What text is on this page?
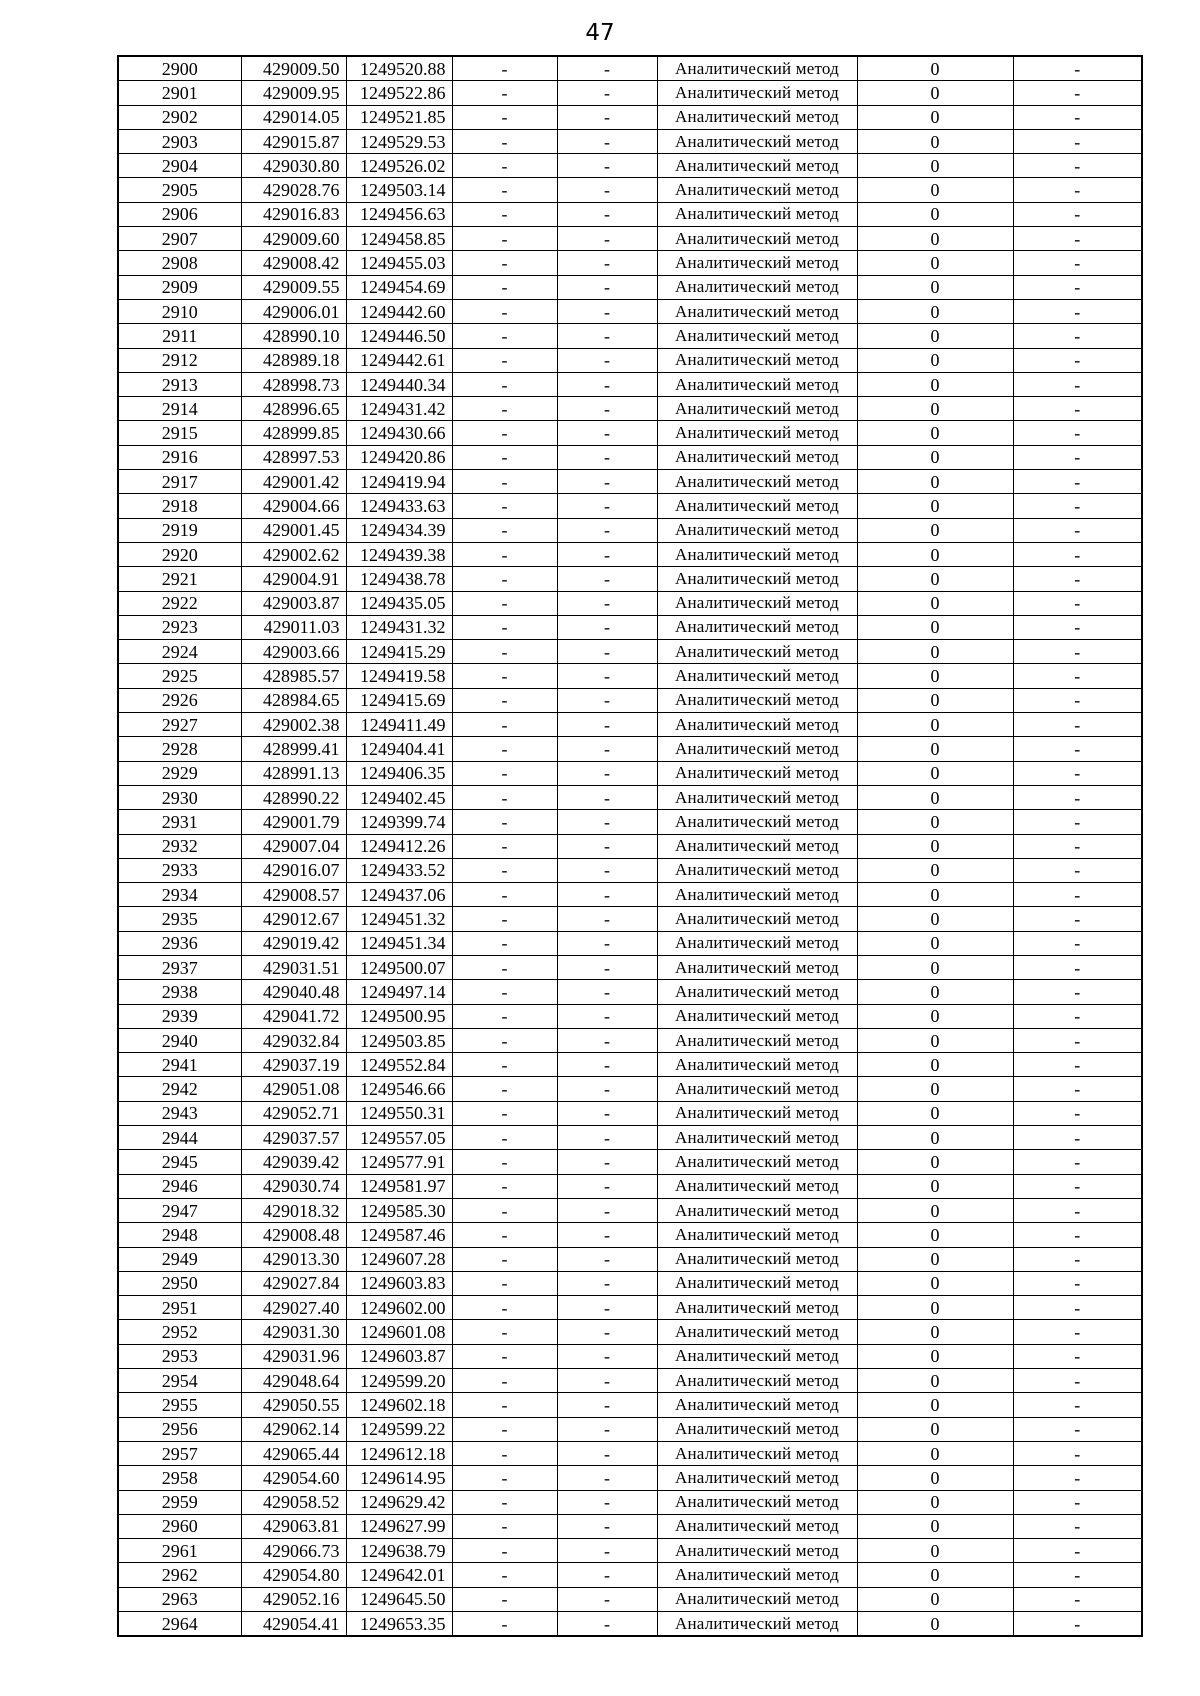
47
2900	429009.50	1249520.88	-	-	Аналитический метод	0	-
2901	429009.95	1249522.86	-	-	Аналитический метод	0	-
2902	429014.05	1249521.85	-	-	Аналитический метод	0	-
2903	429015.87	1249529.53	-	-	Аналитический метод	0	-
2904	429030.80	1249526.02	-	-	Аналитический метод	0	-
2905	429028.76	1249503.14	-	-	Аналитический метод	0	-
2906	429016.83	1249456.63	-	-	Аналитический метод	0	-
2907	429009.60	1249458.85	-	-	Аналитический метод	0	-
2908	429008.42	1249455.03	-	-	Аналитический метод	0	-
2909	429009.55	1249454.69	-	-	Аналитический метод	0	-
2910	429006.01	1249442.60	-	-	Аналитический метод	0	-
2911	428990.10	1249446.50	-	-	Аналитический метод	0	-
2912	428989.18	1249442.61	-	-	Аналитический метод	0	-
2913	428998.73	1249440.34	-	-	Аналитический метод	0	-
2914	428996.65	1249431.42	-	-	Аналитический метод	0	-
2915	428999.85	1249430.66	-	-	Аналитический метод	0	-
2916	428997.53	1249420.86	-	-	Аналитический метод	0	-
2917	429001.42	1249419.94	-	-	Аналитический метод	0	-
2918	429004.66	1249433.63	-	-	Аналитический метод	0	-
2919	429001.45	1249434.39	-	-	Аналитический метод	0	-
2920	429002.62	1249439.38	-	-	Аналитический метод	0	-
2921	429004.91	1249438.78	-	-	Аналитический метод	0	-
2922	429003.87	1249435.05	-	-	Аналитический метод	0	-
2923	429011.03	1249431.32	-	-	Аналитический метод	0	-
2924	429003.66	1249415.29	-	-	Аналитический метод	0	-
2925	428985.57	1249419.58	-	-	Аналитический метод	0	-
2926	428984.65	1249415.69	-	-	Аналитический метод	0	-
2927	429002.38	1249411.49	-	-	Аналитический метод	0	-
2928	428999.41	1249404.41	-	-	Аналитический метод	0	-
2929	428991.13	1249406.35	-	-	Аналитический метод	0	-
2930	428990.22	1249402.45	-	-	Аналитический метод	0	-
2931	429001.79	1249399.74	-	-	Аналитический метод	0	-
2932	429007.04	1249412.26	-	-	Аналитический метод	0	-
2933	429016.07	1249433.52	-	-	Аналитический метод	0	-
2934	429008.57	1249437.06	-	-	Аналитический метод	0	-
2935	429012.67	1249451.32	-	-	Аналитический метод	0	-
2936	429019.42	1249451.34	-	-	Аналитический метод	0	-
2937	429031.51	1249500.07	-	-	Аналитический метод	0	-
2938	429040.48	1249497.14	-	-	Аналитический метод	0	-
2939	429041.72	1249500.95	-	-	Аналитический метод	0	-
2940	429032.84	1249503.85	-	-	Аналитический метод	0	-
2941	429037.19	1249552.84	-	-	Аналитический метод	0	-
2942	429051.08	1249546.66	-	-	Аналитический метод	0	-
2943	429052.71	1249550.31	-	-	Аналитический метод	0	-
2944	429037.57	1249557.05	-	-	Аналитический метод	0	-
2945	429039.42	1249577.91	-	-	Аналитический метод	0	-
2946	429030.74	1249581.97	-	-	Аналитический метод	0	-
2947	429018.32	1249585.30	-	-	Аналитический метод	0	-
2948	429008.48	1249587.46	-	-	Аналитический метод	0	-
2949	429013.30	1249607.28	-	-	Аналитический метод	0	-
2950	429027.84	1249603.83	-	-	Аналитический метод	0	-
2951	429027.40	1249602.00	-	-	Аналитический метод	0	-
2952	429031.30	1249601.08	-	-	Аналитический метод	0	-
2953	429031.96	1249603.87	-	-	Аналитический метод	0	-
2954	429048.64	1249599.20	-	-	Аналитический метод	0	-
2955	429050.55	1249602.18	-	-	Аналитический метод	0	-
2956	429062.14	1249599.22	-	-	Аналитический метод	0	-
2957	429065.44	1249612.18	-	-	Аналитический метод	0	-
2958	429054.60	1249614.95	-	-	Аналитический метод	0	-
2959	429058.52	1249629.42	-	-	Аналитический метод	0	-
2960	429063.81	1249627.99	-	-	Аналитический метод	0	-
2961	429066.73	1249638.79	-	-	Аналитический метод	0	-
2962	429054.80	1249642.01	-	-	Аналитический метод	0	-
2963	429052.16	1249645.50	-	-	Аналитический метод	0	-
2964	429054.41	1249653.35	-	-	Аналитический метод	0	-
